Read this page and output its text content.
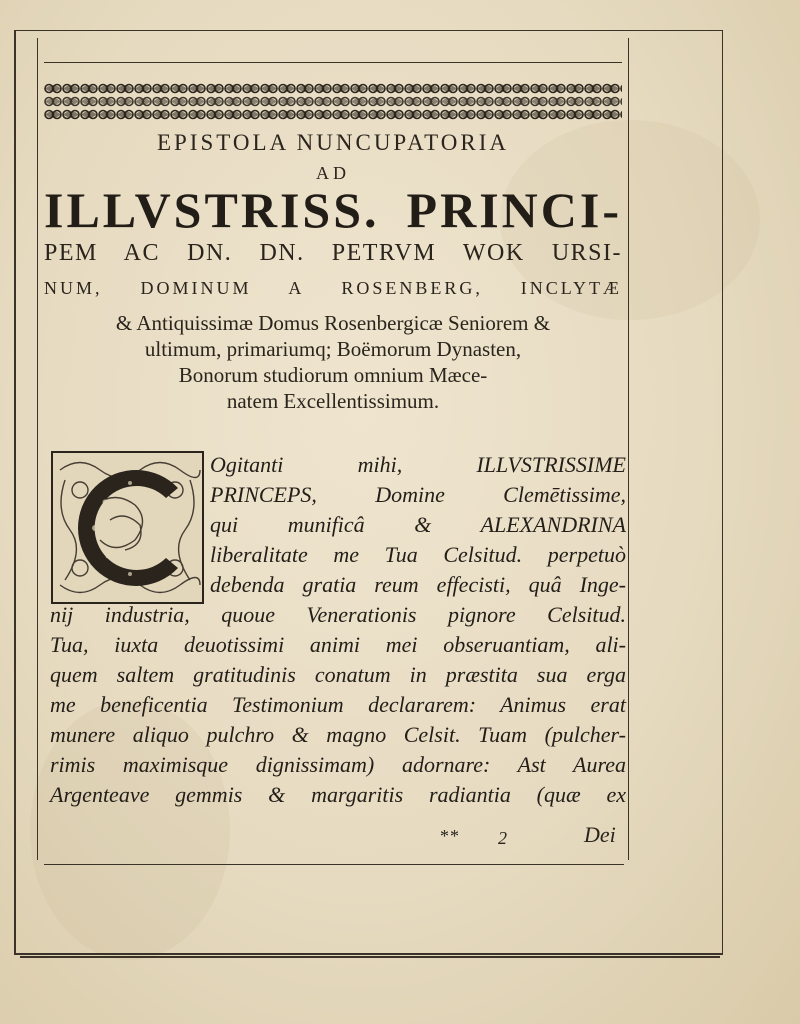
EPISTOLA NUNCUPATORIA
AD
ILLVSTRISS. PRINCI-
PEM AC DN. DN. PETRVM WOK URSI-
NUM, DOMINUM A ROSENBERG, INCLYTÆ
& Antiquissimæ Domus Rosenbergicæ Seniorem &
ultimum, primariumq; Boëmorum Dynasten,
Bonorum studiorum omnium Mæce-
natem Excellentissimum.
Ogitanti mihi, ILLVSTRISSIME
PRINCEPS, Domine Clemētissime,
qui munificâ & ALEXANDRINA
liberalitate me Tua Celsitud. perpetuò
debenda gratia reum effecisti, quâ Inge-
nij industria, quoue Venerationis pignore Celsitud.
Tua, iuxta deuotissimi animi mei obseruantiam, ali-
quem saltem gratitudinis conatum in præstita sua erga
me beneficentia Testimonium declararem: Animus erat
munere aliquo pulchro & magno Celsit. Tuam (pulcher-
rimis maximisque dignissimam) adornare: Ast Aurea
Argenteave gemmis & margaritis radiantia (quæ ex
** 2	Dei
